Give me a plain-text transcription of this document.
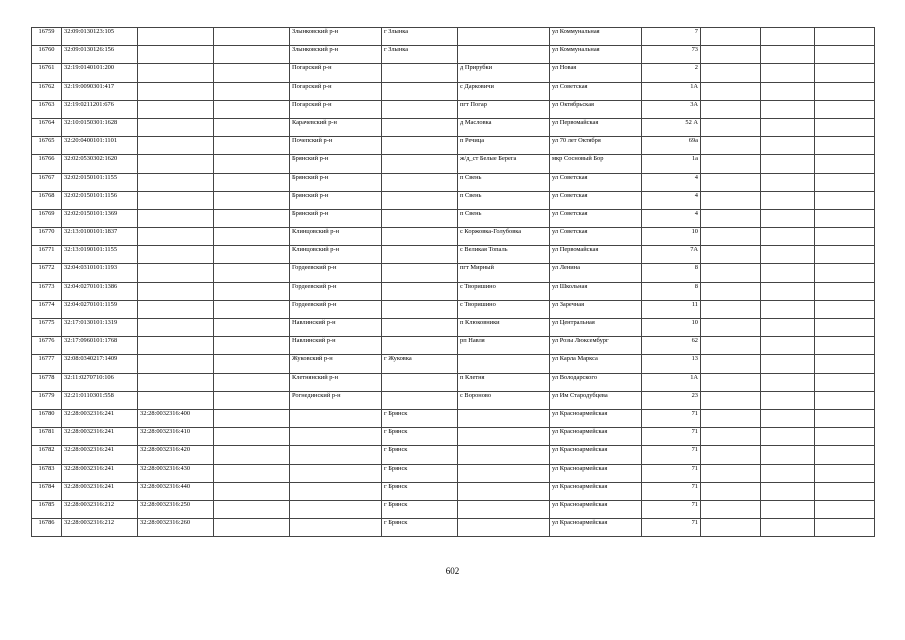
16759	32:09:0130123:105			Злынковский р-н	г Злынка		ул Коммунальная	7			
16760	32:09:0130126:156			Злынковский р-н	г Злынка		ул Коммунальная	73			
16761	32:19:0140101:200			Погарский р-н		д Прирубки	ул Новая	2			
16762	32:19:0090301:417			Погарский р-н		с Дарковичи	ул Советская	1А			
16763	32:19:0211201:676			Погарский р-н		пгт Погар	ул Октябрьская	3А			
16764	32:10:0150301:1628			Карачевский р-н		д Масловка	ул Первомайская	52 А			
16765	32:20:0400101:1101			Почепский р-н		п Речица	ул 70 лет Октября	69а			
16766	32:02:0530302:1620			Брянский р-н		ж/д_ст Белые Берега	мкр Сосновый Бор	1а			
16767	32:02:0150101:1155			Брянский р-н		п Свень	ул Советская	4			
16768	32:02:0150101:1156			Брянский р-н		п Свень	ул Советская	4			
16769	32:02:0150101:1369			Брянский р-н		п Свень	ул Советская	4			
16770	32:13:0100101:1837			Клинцовский р-н		с Коржовка-Голубовка	ул Советская	10			
16771	32:13:0190101:1155			Клинцовский р-н		с Великая Топаль	ул Первомайская	7А			
16772	32:04:0310101:1193			Гордеевский р-н		пгт Мирный	ул Ленина	8			
16773	32:04:0270101:1386			Гордеевский р-н		с Творишино	ул Школьная	8			
16774	32:04:0270101:1159			Гордеевский р-н		с Творишино	ул Заречная	11			
16775	32:17:0130101:1319			Навлинский р-н		п Клюковники	ул Центральная	10			
16776	32:17:0960101:1768			Навлинский р-н		рп Навля	ул Розы Люксембург	62			
16777	32:08:0340217:1409			Жуковский р-н	г Жуковка		ул Карла Маркса	13			
16778	32:11:0270710:106			Клетнянский р-н		п Клетня	ул Володарского	1А			
16779	32:21:0110301:558			Рогнединский р-н		с Вороново	ул Им Стародубцева	23			
16780	32:28:0032316:241	32:28:0032316:400			г Брянск		ул Красноармейская	71			
16781	32:28:0032316:241	32:28:0032316:410			г Брянск		ул Красноармейская	71			
16782	32:28:0032316:241	32:28:0032316:420			г Брянск		ул Красноармейская	71			
16783	32:28:0032316:241	32:28:0032316:430			г Брянск		ул Красноармейская	71			
16784	32:28:0032316:241	32:28:0032316:440			г Брянск		ул Красноармейская	71			
16785	32:28:0032316:212	32:28:0032316:250			г Брянск		ул Красноармейская	71			
16786	32:28:0032316:212	32:28:0032316:260			г Брянск		ул Красноармейская	71			
602
